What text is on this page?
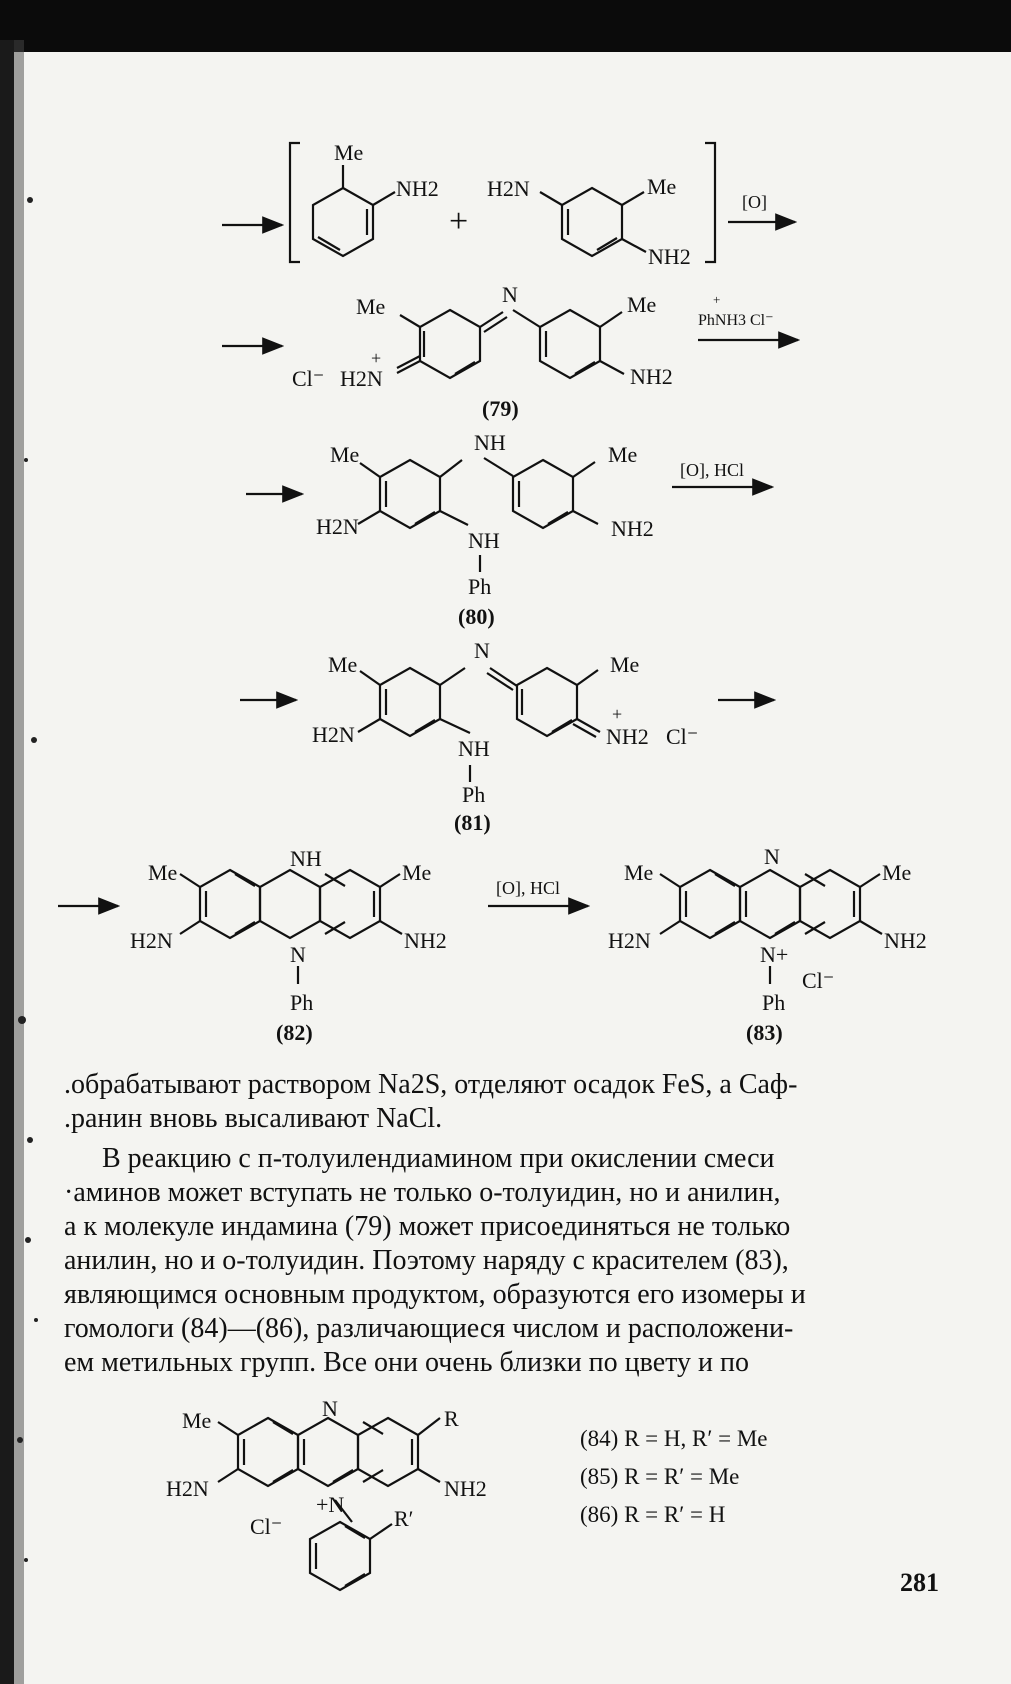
Me
NH2
+
H2N	Me
NH2
[O]
Me	N	Me
Cl⁻ H2N
+
NH2
(79)
+
PhNH3 Cl⁻
NH
Me	Me
H2N	NH2
NH
Ph
(80)
[O], HCl
N
Me	Me
H2N
NH	NH2
+
Cl⁻
Ph
(81)
NH
Me	Me
H2N	NH2
N
Ph
(82)
[O], HCl
N
Me	Me
H2N	NH2
N+
Cl⁻
Ph
(83)
N
Me	R
H2N	NH2
+N
Cl⁻	R′
(84) R = H, R′ = Me
(85) R = R′ = Me
(86) R = R′ = H
.обрабатывают раствором Na2S, отделяют осадок FeS, а Саф-
.ранин вновь высаливают NaCl.
В реакцию с п-толуилендиамином при окислении смеси
·аминов может вступать не только о-толуидин, но и анилин,
а к молекуле индамина (79) может присоединяться не только
анилин, но и о-толуидин. Поэтому наряду с красителем (83),
являющимся основным продуктом, образуются его изомеры и
гомологи (84)—(86), различающиеся числом и расположени-
ем метильных групп. Все они очень близки по цвету и по
281
